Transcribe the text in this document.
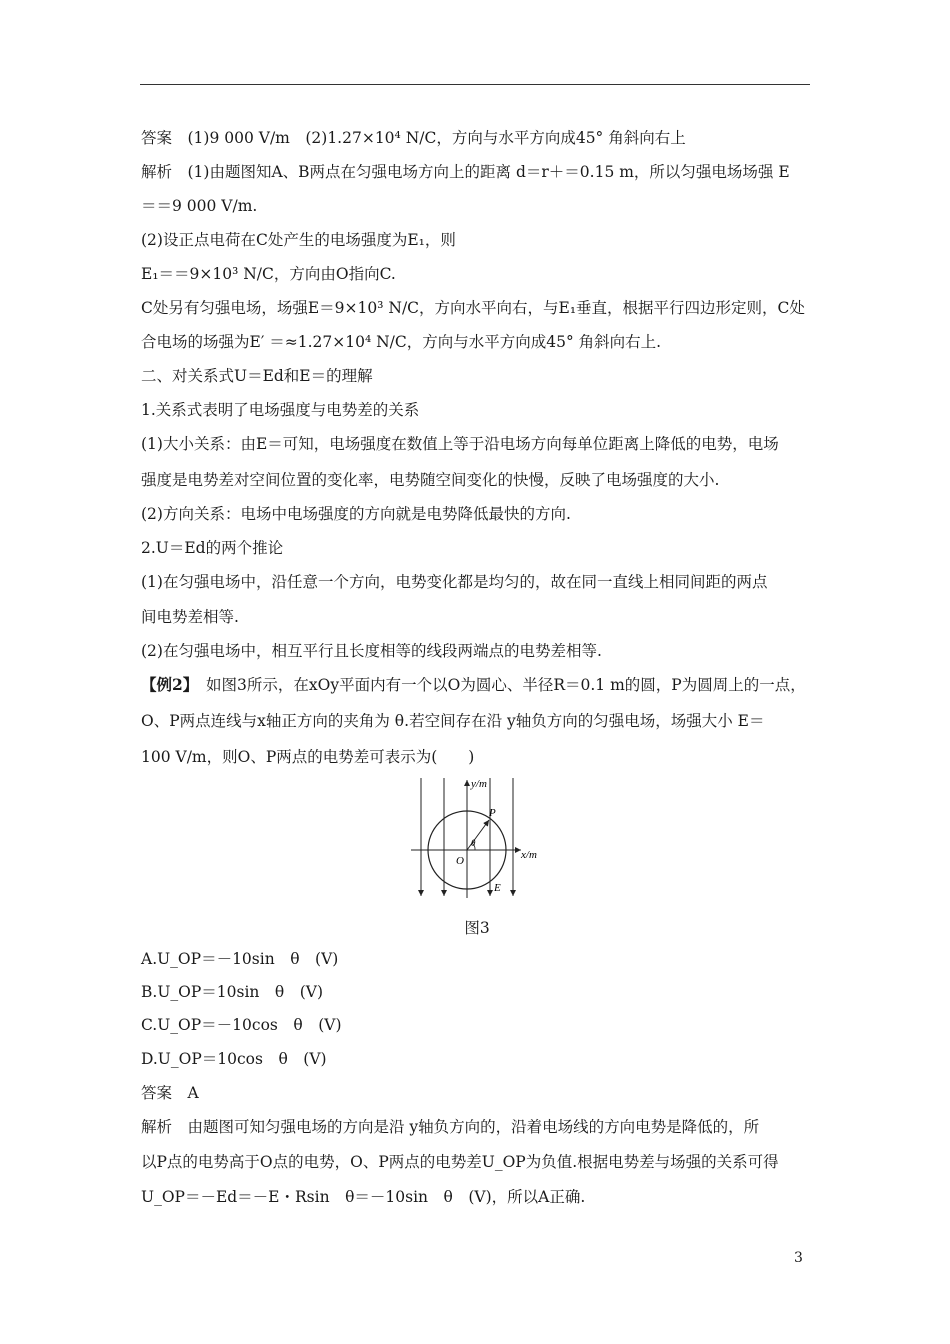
答案　(1)9 000 V/m　(2)1.27×10⁴ N/C，方向与水平方向成45° 角斜向右上
解析　(1)由题图知A、B两点在匀强电场方向上的距离 d＝r＋＝0.15 m，所以匀强电场场强 E
＝＝9 000 V/m.
(2)设正点电荷在C处产生的电场强度为E₁，则
E₁＝＝9×10³ N/C，方向由O指向C.
C处另有匀强电场，场强E＝9×10³ N/C，方向水平向右，与E₁垂直，根据平行四边形定则，C处
合电场的场强为E′ ＝≈1.27×10⁴ N/C，方向与水平方向成45° 角斜向右上.
二、对关系式U＝Ed和E＝的理解
1.关系式表明了电场强度与电势差的关系
(1)大小关系：由E＝可知，电场强度在数值上等于沿电场方向每单位距离上降低的电势，电场
强度是电势差对空间位置的变化率，电势随空间变化的快慢，反映了电场强度的大小.
(2)方向关系：电场中电场强度的方向就是电势降低最快的方向.
2.U＝Ed的两个推论
(1)在匀强电场中，沿任意一个方向，电势变化都是均匀的，故在同一直线上相同间距的两点
间电势差相等.
(2)在匀强电场中，相互平行且长度相等的线段两端点的电势差相等.
【例2】　如图3所示，在xOy平面内有一个以O为圆心、半径R＝0.1 m的圆，P为圆周上的一点，
O、P两点连线与x轴正方向的夹角为 θ.若空间存在沿 y轴负方向的匀强电场，场强大小 E＝
100 V/m，则O、P两点的电势差可表示为(　　)
图3
A.U_OP＝－10sin　θ　(V)
B.U_OP＝10sin　θ　(V)
C.U_OP＝－10cos　θ　(V)
D.U_OP＝10cos　θ　(V)
答案　A
解析　由题图可知匀强电场的方向是沿 y轴负方向的，沿着电场线的方向电势是降低的，所
以P点的电势高于O点的电势，O、P两点的电势差U_OP为负值.根据电势差与场强的关系可得
U_OP＝－Ed＝－E・Rsin　θ＝－10sin　θ　(V)，所以A正确.
y/m
x/m
O
P
θ
E
3
